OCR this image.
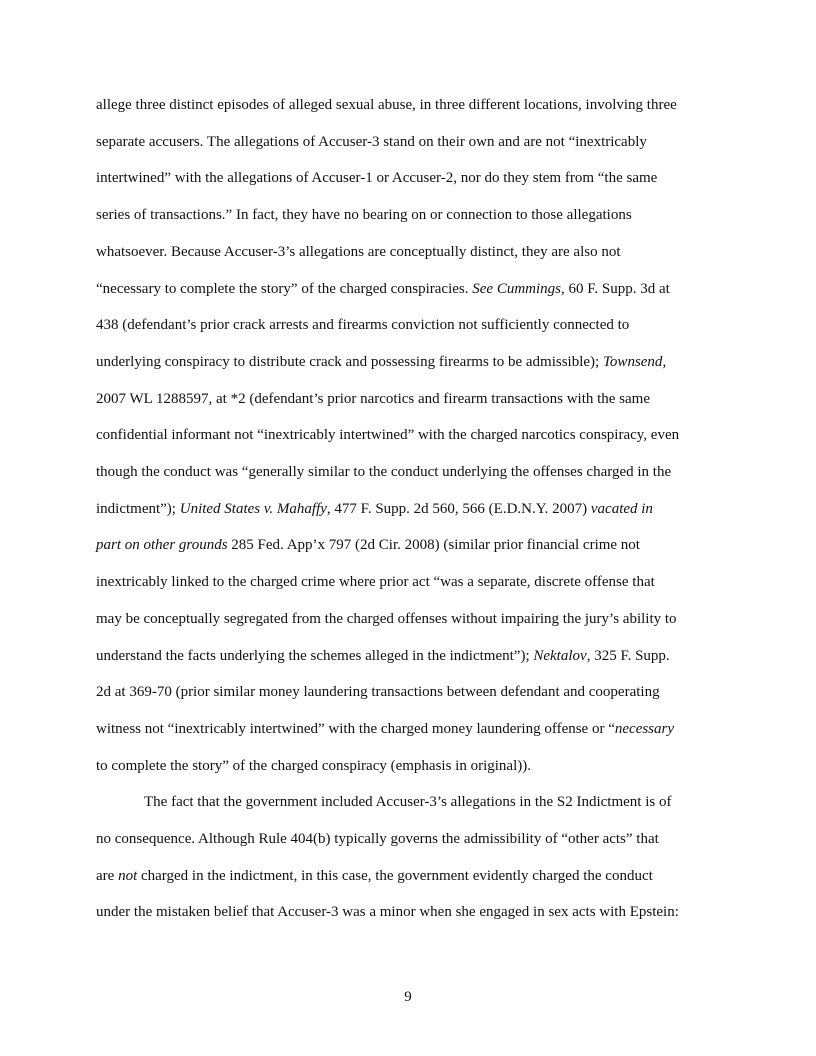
allege three distinct episodes of alleged sexual abuse, in three different locations, involving three
separate accusers. The allegations of Accuser-3 stand on their own and are not “inextricably
intertwined” with the allegations of Accuser-1 or Accuser-2, nor do they stem from “the same
series of transactions.” In fact, they have no bearing on or connection to those allegations
whatsoever. Because Accuser-3’s allegations are conceptually distinct, they are also not
“necessary to complete the story” of the charged conspiracies. See Cummings, 60 F. Supp. 3d at
438 (defendant’s prior crack arrests and firearms conviction not sufficiently connected to
underlying conspiracy to distribute crack and possessing firearms to be admissible); Townsend,
2007 WL 1288597, at *2 (defendant’s prior narcotics and firearm transactions with the same
confidential informant not “inextricably intertwined” with the charged narcotics conspiracy, even
though the conduct was “generally similar to the conduct underlying the offenses charged in the
indictment”); United States v. Mahaffy, 477 F. Supp. 2d 560, 566 (E.D.N.Y. 2007) vacated in
part on other grounds 285 Fed. App’x 797 (2d Cir. 2008) (similar prior financial crime not
inextricably linked to the charged crime where prior act “was a separate, discrete offense that
may be conceptually segregated from the charged offenses without impairing the jury’s ability to
understand the facts underlying the schemes alleged in the indictment”); Nektalov, 325 F. Supp.
2d at 369-70 (prior similar money laundering transactions between defendant and cooperating
witness not “inextricably intertwined” with the charged money laundering offense or “necessary
to complete the story” of the charged conspiracy (emphasis in original)).
The fact that the government included Accuser-3’s allegations in the S2 Indictment is of
no consequence. Although Rule 404(b) typically governs the admissibility of “other acts” that
are not charged in the indictment, in this case, the government evidently charged the conduct
under the mistaken belief that Accuser-3 was a minor when she engaged in sex acts with Epstein:
9
